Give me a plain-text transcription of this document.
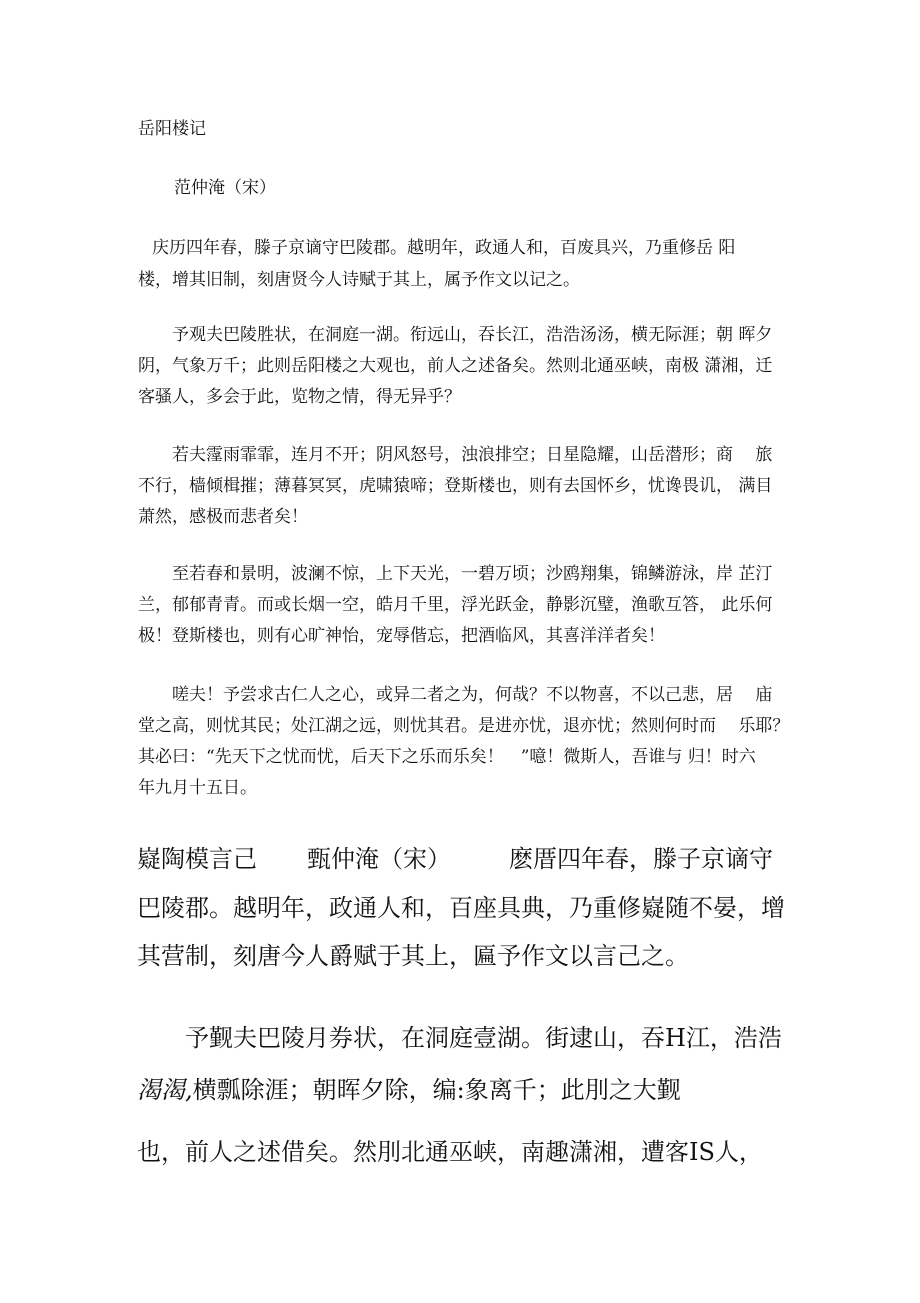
岳阳楼记
范仲淹（宋）
庆历四年春，滕子京谪守巴陵郡。越明年，政通人和，百废具兴，乃重修岳 阳
楼，增其旧制，刻唐贤今人诗赋于其上，属予作文以记之。
予观夫巴陵胜状，在洞庭一湖。衔远山，吞长江，浩浩汤汤，横无际涯；朝 晖夕
阴，气象万千；此则岳阳楼之大观也，前人之述备矣。然则北通巫峡，南极 潇湘，迁
客骚人，多会于此，览物之情，得无异乎？
若夫霪雨霏霏，连月不开；阴风怒号，浊浪排空；日星隐耀，山岳潜形；商　 旅
不行，樯倾楫摧；薄暮冥冥，虎啸猿啼；登斯楼也，则有去国怀乡，忧谗畏讥， 满目
萧然，感极而悲者矣！
至若春和景明，波澜不惊，上下天光，一碧万顷；沙鸥翔集，锦鳞游泳，岸 芷汀
兰，郁郁青青。而或长烟一空，皓月千里，浮光跃金，静影沉璧，渔歌互答， 此乐何
极！登斯楼也，则有心旷神怡，宠辱偕忘，把酒临风，其喜洋洋者矣！
嗟夫！予尝求古仁人之心，或异二者之为，何哉？不以物喜，不以己悲，居　 庙
堂之高，则忧其民；处江湖之远，则忧其君。是进亦忧，退亦忧；然则何时而　 乐耶？
其必曰：“先天下之忧而忧，后天下之乐而乐矣！　”噫！微斯人，吾谁与 归！时六
年九月十五日。
嶷陶模言己 甄仲淹（宋） 麽厝四年春，滕子京谪守
巴陵郡。越明年，政通人和，百座具典，乃重修嶷随不晏，增
其营制，刻唐今人爵赋于其上，匾予作文以言己之。
予觐夫巴陵月券状，在洞庭壹湖。街逮山，吞H江，浩浩
渴渴,横瓢除涯；朝晖夕除，编:象离千；此刖之大觐
也，前人之述借矣。然刖北通巫峡，南趣潇湘，遭客IS人，
